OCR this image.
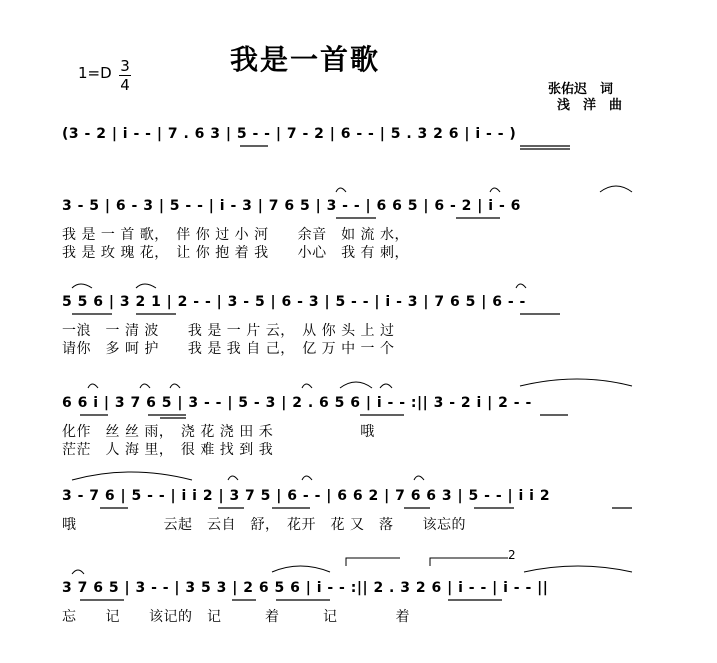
1=D 3
4
我是一首歌
张佑迟　词
浅　洋　曲
(3 - 2 | i - - | 7 . 6 3 | 5 - - | 7 - 2 | 6 - - | 5 . 3 2 6 | i - - )
3 - 5 | 6 - 3 | 5 - - | i - 3 | 7 6 5 | 3 - - | 6 6 5 | 6 - 2 | i - 6
我 是 一 首 歌，　伴 你 过 小 河　　余音　如 流 水，
我 是 玫 瑰 花，　让 你 抱 着 我　　小心　我 有 刺，
5 5 6 | 3 2 1 | 2 - - | 3 - 5 | 6 - 3 | 5 - - | i - 3 | 7 6 5 | 6 - -
一浪　一 清 波　　我 是 一 片 云，　从 你 头 上 过
请你　多 呵 护　　我 是 我 自 己，　亿 万 中 一 个
6 6 i | 3 7 6 5 | 3 - - | 5 - 3 | 2 . 6 5 6 | i - - :|| 3 - 2 i | 2 - -
化作　丝 丝 雨，　浇 花 浇 田 禾　　　　　　哦
茫茫　人 海 里，　很 难 找 到 我
3 - 7 6 | 5 - - | i i 2 | 3 7 5 | 6 - - | 6 6 2 | 7 6 6 3 | 5 - - | i i 2
哦　　　　　　云起　云自　舒，　花开　花 又　落　　该忘的
3 7 6 5 | 3 - - | 3 5 3 | 2 6 5 6 | i - - :|| 2 . 3 2 6 | i - - | i - - ||
忘　　记　　该记的　记　　　着　　　记　　　　着
2
